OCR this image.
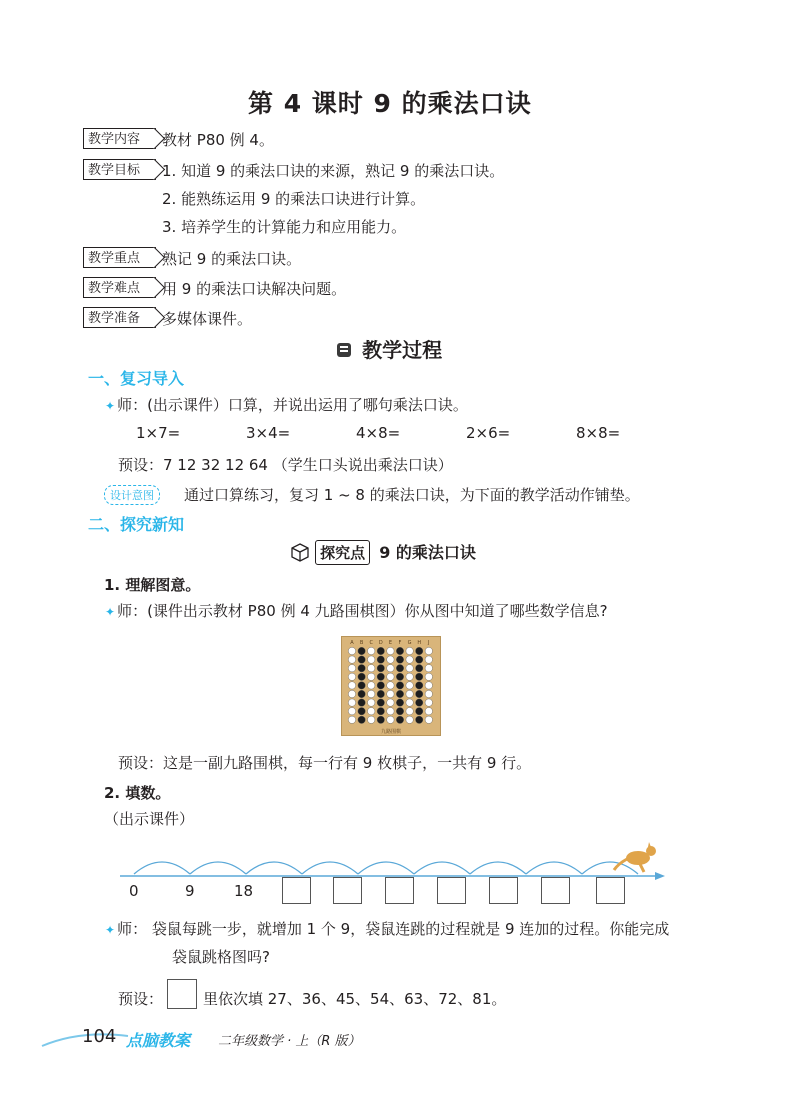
第 4 课时 9 的乘法口诀
教学内容	教材 P80 例 4。
教学目标	1. 知道 9 的乘法口诀的来源，熟记 9 的乘法口诀。
2. 能熟练运用 9 的乘法口诀进行计算。
3. 培养学生的计算能力和应用能力。
教学重点	熟记 9 的乘法口诀。
教学难点	用 9 的乘法口诀解决问题。
教学准备	多媒体课件。
教学过程
一、复习导入
✦ 师：(出示课件）口算，并说出运用了哪句乘法口诀。
1×7=	3×4=	4×8=	2×6=	8×8=
预设：7 12 32 12 64 （学生口头说出乘法口诀）
设计意图	通过口算练习，复习 1 ~ 8 的乘法口诀，为下面的教学活动作铺垫。
二、探究新知
探究点 9 的乘法口诀
1. 理解图意。
✦ 师：(课件出示教材 P80 例 4 九路围棋图）你从图中知道了哪些数学信息?
A B C D E F G H J
九路围棋
预设：这是一副九路围棋，每一行有 9 枚棋子，一共有 9 行。
2. 填数。
（出示课件）
0	9	18
✦ 师： 袋鼠每跳一步，就增加 1 个 9，袋鼠连跳的过程就是 9 连加的过程。你能完成
袋鼠跳格图吗?
预设：	里依次填 27、36、45、54、63、72、81。
104 点脑教案 二年级数学 · 上（R 版）
